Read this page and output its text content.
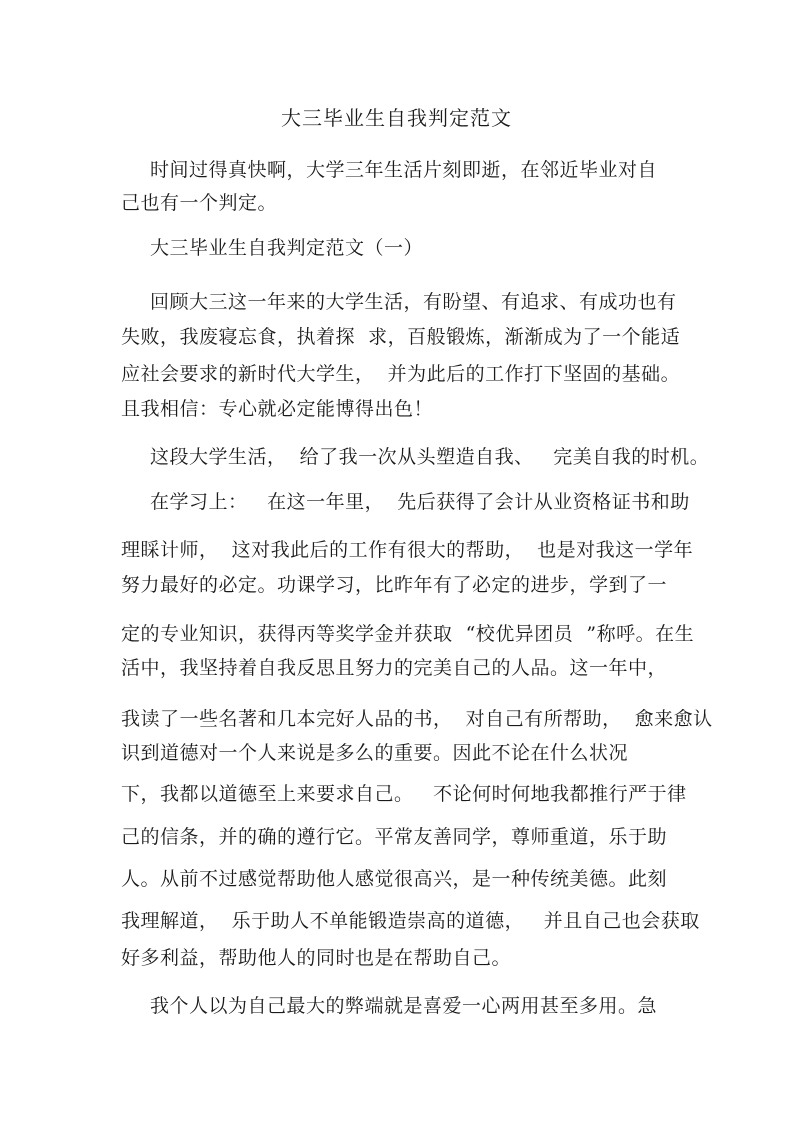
大三毕业生自我判定范文
时间过得真快啊，大学三年生活片刻即逝，在邻近毕业对自
己也有一个判定。
大三毕业生自我判定范文（一）
回顾大三这一年来的大学生活，有盼望、有追求、有成功也有
失败，我废寝忘食，执着探  求，百般锻炼，渐渐成为了一个能适
应社会要求的新时代大学生，  并为此后的工作打下坚固的基础。
且我相信：专心就必定能博得出色！
这段大学生活，  给了我一次从头塑造自我、   完美自我的时机。
在学习上：   在这一年里，  先后获得了会计从业资格证书和助
理睬计师，  这对我此后的工作有很大的帮助，  也是对我这一学年
努力最好的必定。功课学习，比昨年有了必定的进步，学到了一
定的专业知识，获得丙等奖学金并获取  “校优异团员  ”称呼。在生
活中，我坚持着自我反思且努力的完美自己的人品。这一年中，
我读了一些名著和几本完好人品的书，  对自己有所帮助，  愈来愈认
识到道德对一个人来说是多么的重要。因此不论在什么状况
下，我都以道德至上来要求自己。   不论何时何地我都推行严于律
己的信条，并的确的遵行它。平常友善同学，尊师重道，乐于助
人。从前不过感觉帮助他人感觉很高兴，是一种传统美德。此刻
我理解道，  乐于助人不单能锻造崇高的道德，   并且自己也会获取
好多利益，帮助他人的同时也是在帮助自己。
我个人以为自己最大的弊端就是喜爱一心两用甚至多用。急
